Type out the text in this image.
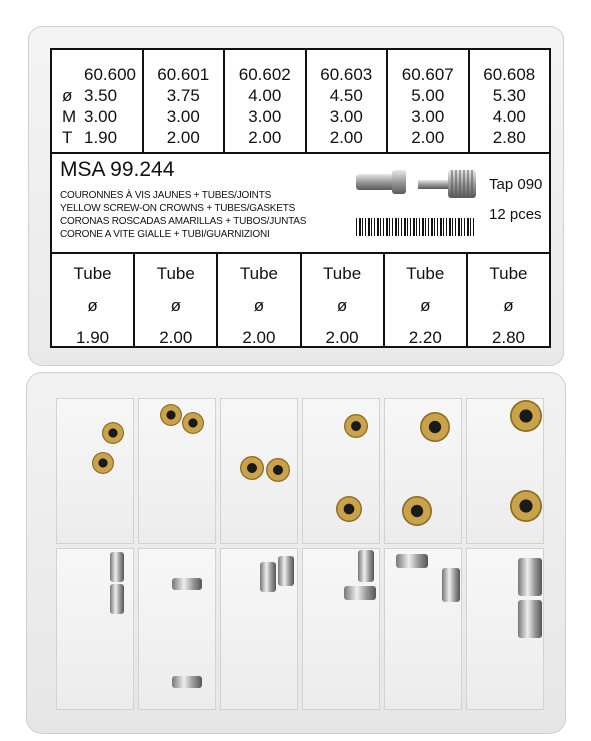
60.600
ø 3.50
M 3.00
T 1.90
60.601
3.75
3.00
2.00
60.602
4.00
3.00
2.00
60.603
4.50
3.00
2.00
60.607
5.00
3.00
2.00
60.608
5.30
4.00
2.80
MSA 99.244
COURONNES À VIS JAUNES + TUBES/JOINTS
YELLOW SCREW-ON CROWNS + TUBES/GASKETS
CORONAS ROSCADAS AMARILLAS + TUBOS/JUNTAS
CORONE A VITE GIALLE + TUBI/GUARNIZIONI
Tap 090
12 pces
Tube
ø
1.90
Tube
ø
2.00
Tube
ø
2.00
Tube
ø
2.00
Tube
ø
2.20
Tube
ø
2.80
